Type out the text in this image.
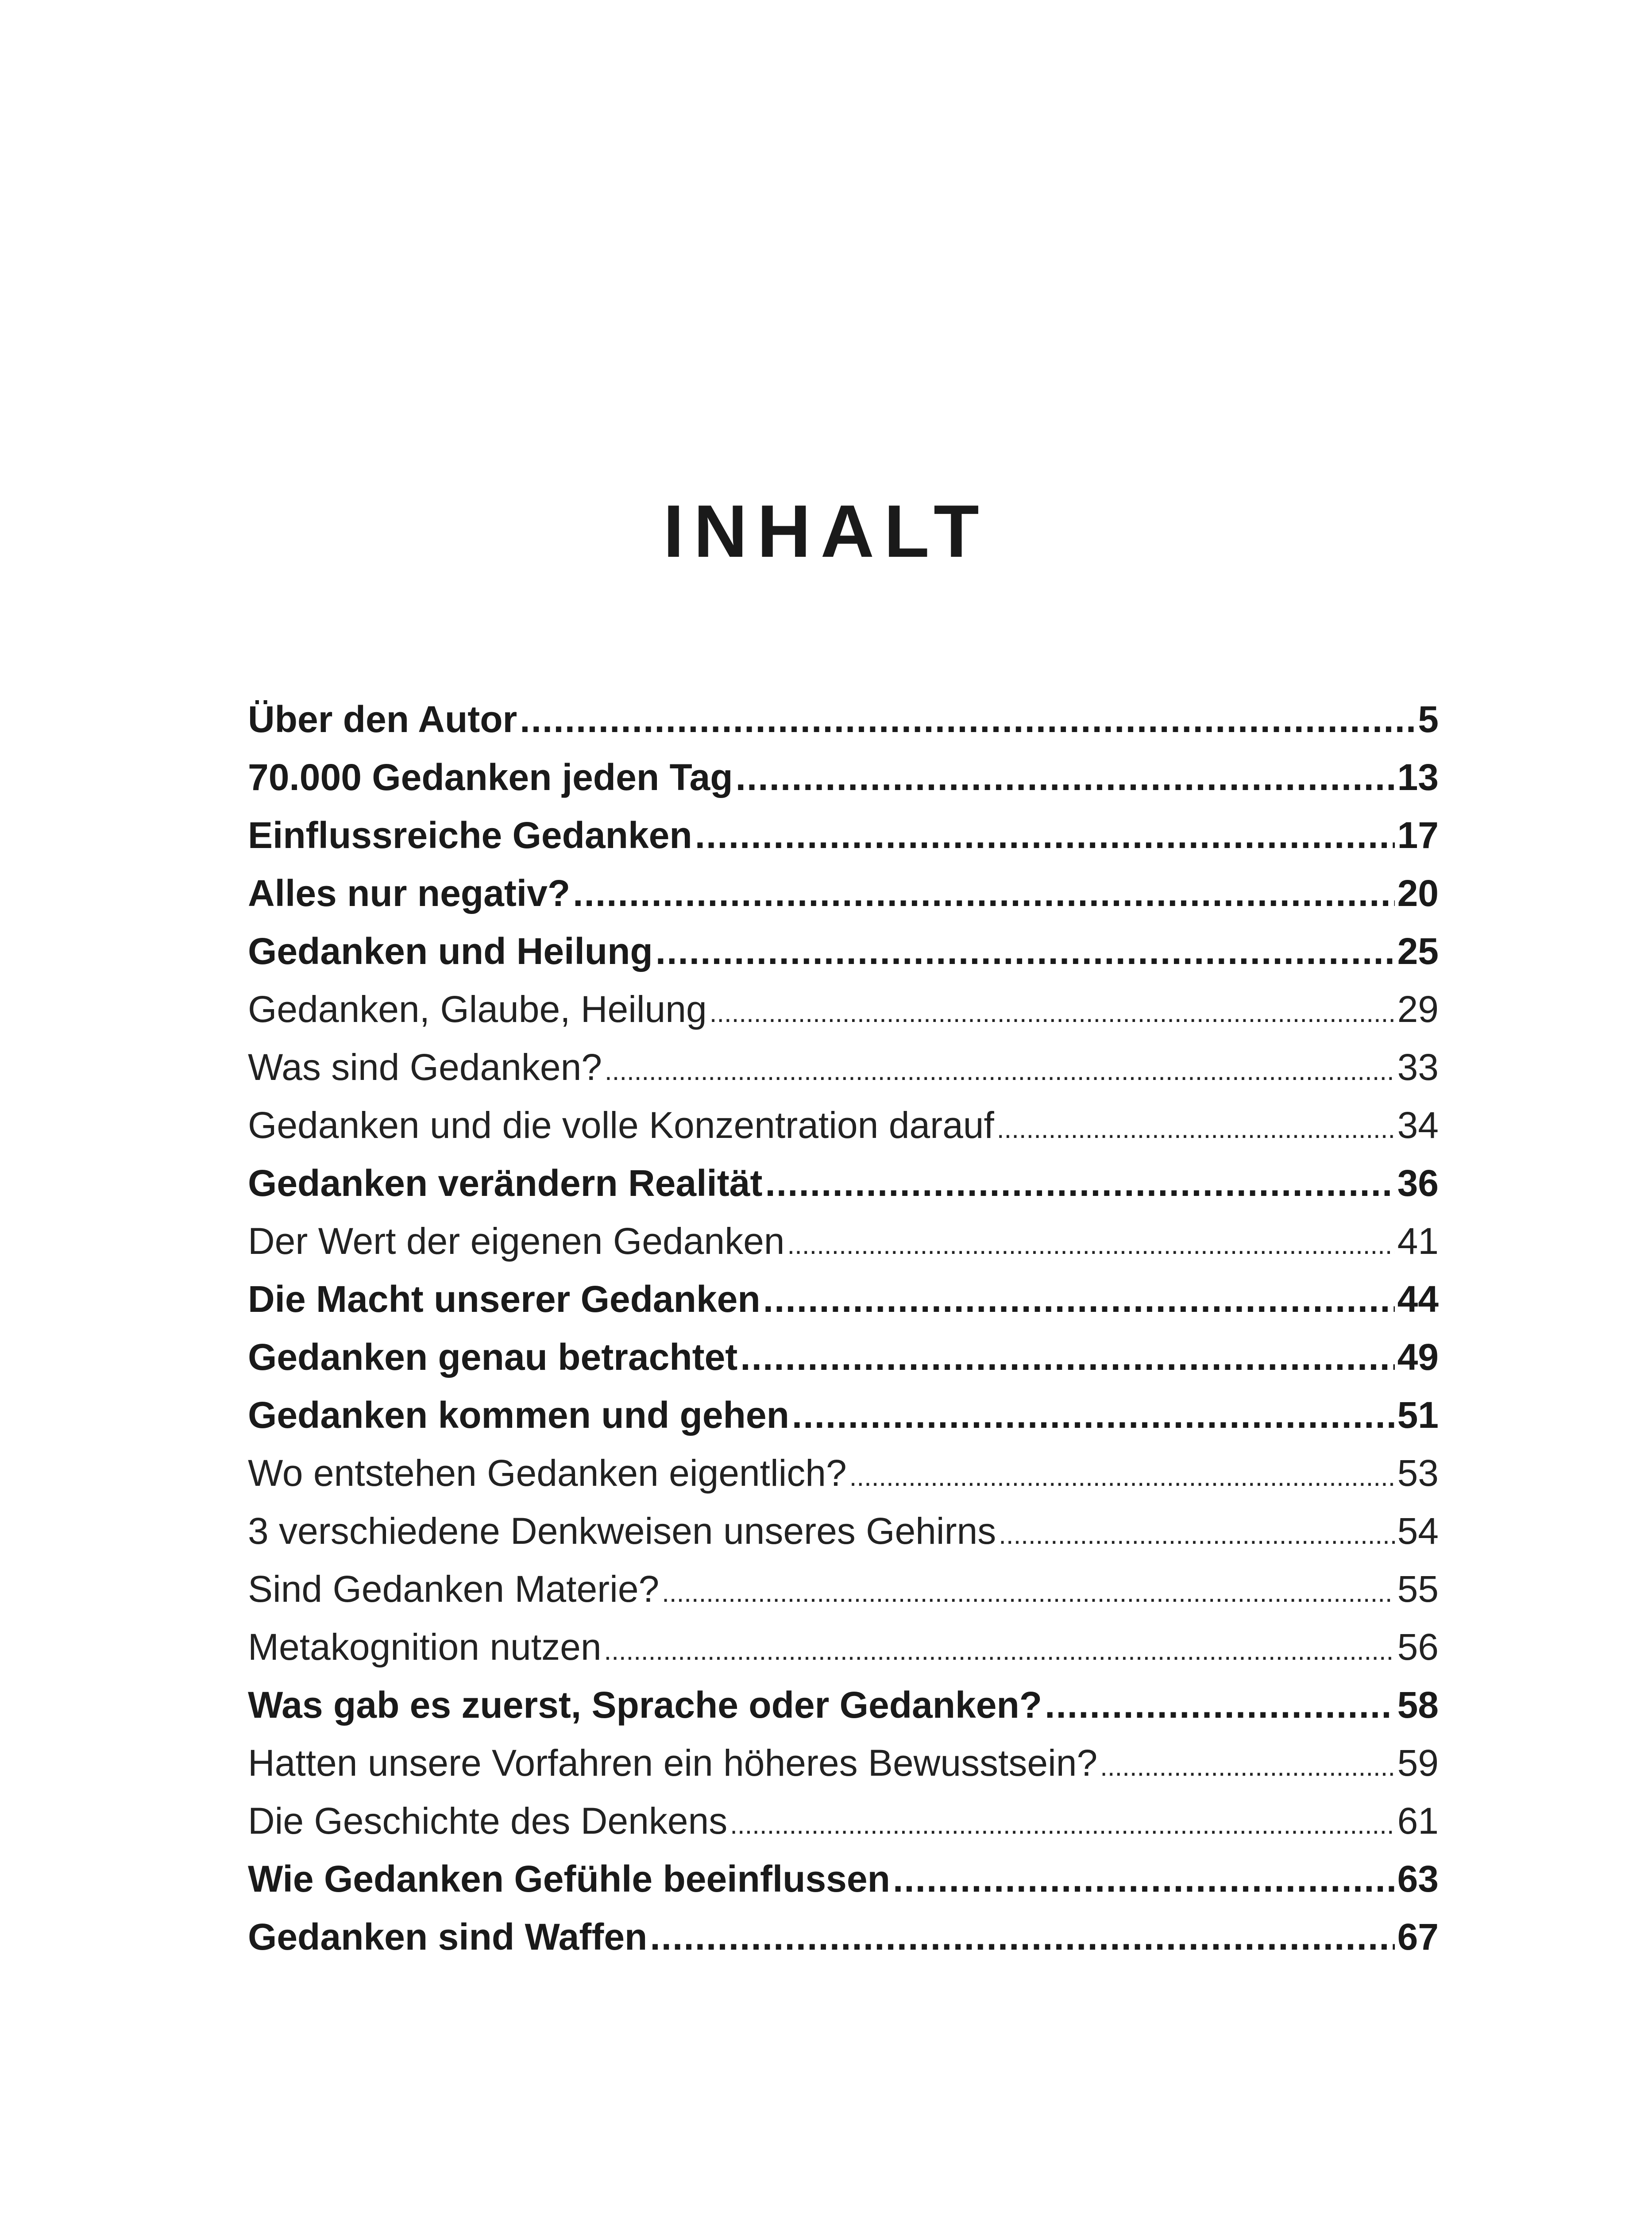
INHALT
Über den Autor .....	5
70.000 Gedanken jeden Tag .....	13
Einflussreiche Gedanken .....	17
Alles nur negativ? .....	20
Gedanken und Heilung .....	25
Gedanken, Glaube, Heilung .....	29
Was sind Gedanken? .....	33
Gedanken und die volle Konzentration darauf .....	34
Gedanken verändern Realität .....	36
Der Wert der eigenen Gedanken .....	41
Die Macht unserer Gedanken .....	44
Gedanken genau betrachtet .....	49
Gedanken kommen und gehen .....	51
Wo entstehen Gedanken eigentlich? .....	53
3 verschiedene Denkweisen unseres Gehirns .....	54
Sind Gedanken Materie? .....	55
Metakognition nutzen .....	56
Was gab es zuerst, Sprache oder Gedanken? .....	58
Hatten unsere Vorfahren ein höheres Bewusstsein? .....	59
Die Geschichte des Denkens .....	61
Wie Gedanken Gefühle beeinflussen .....	63
Gedanken sind Waffen .....	67
